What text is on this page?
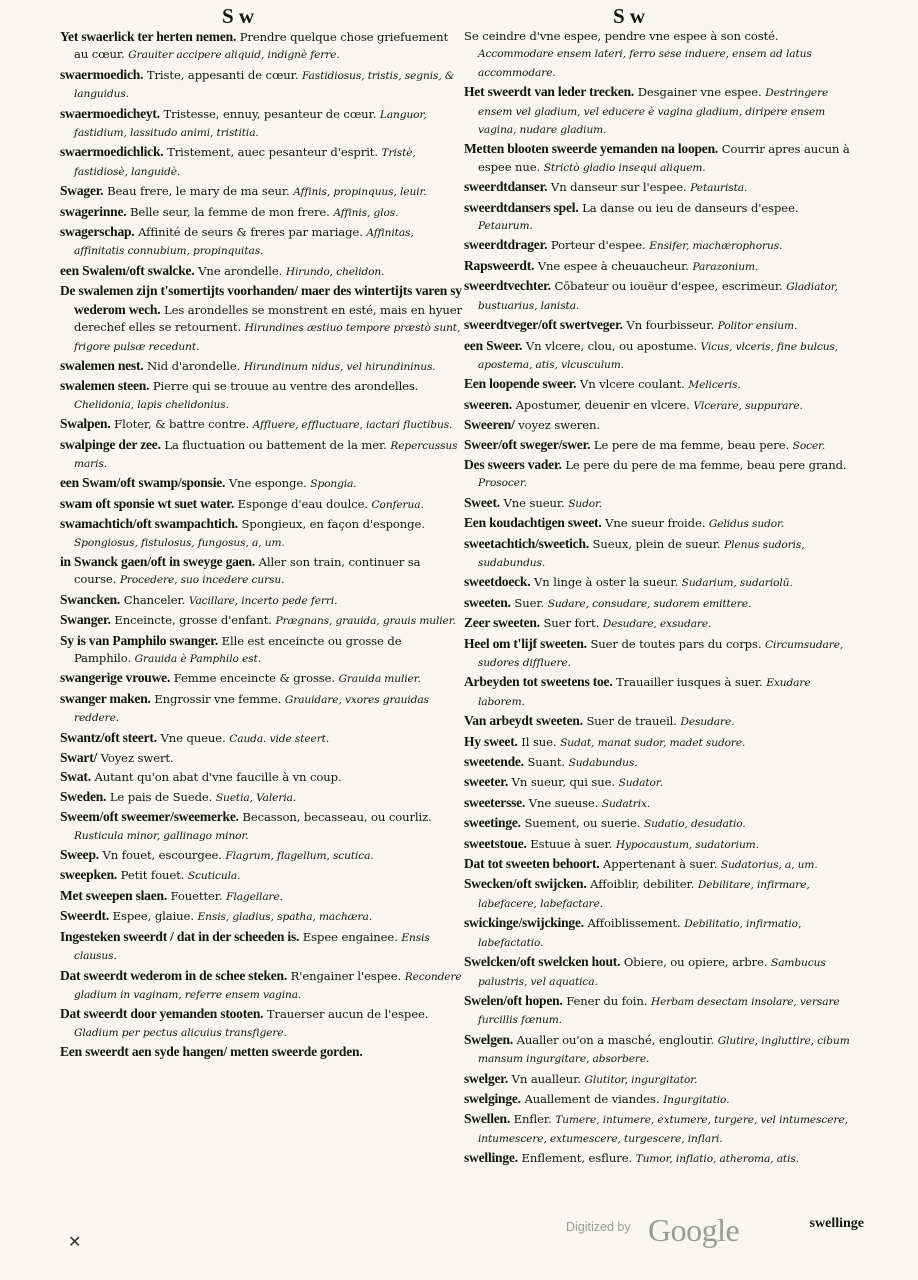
S w	S w
Yet swaerlick ter herten nemen. Prendre quelque chose griefuement au cœur. Grauiter accipere aliquid, indignè ferre.
swaermoedich. Triste, appesanti de cœur. Fastidiosus, tristis, segnis, & languidus.
swaermoedicheyt. Tristesse, ennuy, pesanteur de cœur. Languor, fastidium, lassitudo animi, tristitia.
swaermoedichlick. Tristement, auec pesanteur d'esprit. Tristè, fastidiosè, languidè.
Swager. Beau frere, le mary de ma seur. Affinis, propinquus, leuir.
swagerinne. Belle seur, la femme de mon frere. Affinis, glos.
swagerschap. Affinité de seurs & freres par mariage. Affinitas, affinitatis connubium, propinquitas.
een Swalem/oft swalcke. Vne arondelle. Hirundo, chelidon.
De swalemen zijn t'somertijts voorhanden/ maer des wintertijts varen sy wederom wech. Les arondelles se monstrent en esté, mais en hyuer derechef elles se retournent. Hirundines æstiuo tempore præstò sunt, frigore pulsæ recedunt.
swalemen nest. Nid d'arondelle. Hirundinum nidus, vel hirundininus.
swalemen steen. Pierre qui se trouue au ventre des arondelles. Chelidonia, lapis chelidonius.
Swalpen. Floter, & battre contre. Affluere, effluctuare, iactari fluctibus.
swalpinge der zee. La fluctuation ou battement de la mer. Repercussus maris.
een Swam/oft swamp/sponsie. Vne esponge. Spongia.
swam oft sponsie wt suet water. Esponge d'eau doulce. Conferua.
swamachtich/oft swampachtich. Spongieux, en façon d'esponge. Spongiosus, fistulosus, fungosus, a, um.
in Swanck gaen/oft in sweyge gaen. Aller son train, continuer sa course. Procedere, suo incedere cursu.
Swancken. Chanceler. Vacillare, incerto pede ferri.
Swanger. Enceincte, grosse d'enfant. Prægnans, grauida, grauis mulier.
Sy is van Pamphilo swanger. Elle est enceincte ou grosse de Pamphilo. Grauida è Pamphilo est.
swangerige vrouwe. Femme enceincte & grosse. Grauida mulier.
swanger maken. Engrossir vne femme. Grauidare, vxores grauidas reddere.
Swantz/oft steert. Vne queue. Cauda. vide steert.
Swart/ Voyez swert.
Swat. Autant qu'on abat d'vne faucille à vn coup.
Sweden. Le pais de Suede. Suetia, Valeria.
Sweem/oft sweemer/sweemerke. Becasson, becasseau, ou courliz. Rusticula minor, gallinago minor.
Sweep. Vn fouet, escourgee. Flagrum, flagellum, scutica.
sweepken. Petit fouet. Scuticula.
Met sweepen slaen. Fouetter. Flagellare.
Sweerdt. Espee, glaiue. Ensis, gladius, spatha, machæra.
Ingesteken sweerdt / dat in der scheeden is. Espee engainee. Ensis clausus.
Dat sweerdt wederom in de schee steken. R'engainer l'espee. Recondere gladium in vaginam, referre ensem vagina.
Dat sweerdt door yemanden stooten. Trauerser aucun de l'espee. Gladium per pectus alicuius transfigere.
Een sweerdt aen syde hangen/ metten sweerde gorden.
Se ceindre d'vne espee, pendre vne espee à son costé. Accommodare ensem lateri, ferro sese induere, ensem ad latus accommodare.
Het sweerdt van leder trecken. Desgainer vne espee. Destringere ensem vel gladium, vel educere è vagina gladium, diripere ensem vagina, nudare gladium.
Metten blooten sweerde yemanden na loopen. Courrir apres aucun à espee nue. Strictò gladio insequi aliquem.
sweerdtdanser. Vn danseur sur l'espee. Petaurista.
sweerdtdansers spel. La danse ou ieu de danseurs d'espee. Petaurum.
sweerdtdrager. Porteur d'espee. Ensifer, machærophorus.
Rapsweerdt. Vne espee à cheuaucheur. Parazonium.
sweerdtvechter. Cōbateur ou iouëur d'espee, escrimeur. Gladiator, bustuarius, lanista.
sweerdtveger/oft swertveger. Vn fourbisseur. Politor ensium.
een Sweer. Vn vlcere, clou, ou apostume. Vicus, vlceris, fine bulcus, apostema, atis, vlcusculum.
Een loopende sweer. Vn vlcere coulant. Meliceris.
sweeren. Apostumer, deuenir en vlcere. Vlcerare, suppurare.
Sweeren/ voyez sweren.
Sweer/oft sweger/swer. Le pere de ma femme, beau pere. Socer.
Des sweers vader. Le pere du pere de ma femme, beau pere grand. Prosocer.
Sweet. Vne sueur. Sudor.
Een koudachtigen sweet. Vne sueur froide. Gelidus sudor.
sweetachtich/sweetich. Sueux, plein de sueur. Plenus sudoris, sudabundus.
sweetdoeck. Vn linge à oster la sueur. Sudarium, sudariolū.
sweeten. Suer. Sudare, consudare, sudorem emittere.
Zeer sweeten. Suer fort. Desudare, exsudare.
Heel om t'lijf sweeten. Suer de toutes pars du corps. Circumsudare, sudores diffluere.
Arbeyden tot sweetens toe. Trauailler iusques à suer. Exudare laborem.
Van arbeydt sweeten. Suer de traueil. Desudare.
Hy sweet. Il sue. Sudat, manat sudor, madet sudore.
sweetende. Suant. Sudabundus.
sweeter. Vn sueur, qui sue. Sudator.
sweetersse. Vne sueuse. Sudatrix.
sweetinge. Suement, ou suerie. Sudatio, desudatio.
sweetstoue. Estuue à suer. Hypocaustum, sudatorium.
Dat tot sweeten behoort. Appertenant à suer. Sudatorius, a, um.
Swecken/oft swijcken. Affoiblir, debiliter. Debilitare, infirmare, labefacere, labefactare.
swickinge/swijckinge. Affoiblissement. Debilitatio, infirmatio, labefactatio.
Swelcken/oft swelcken hout. Obiere, ou opiere, arbre. Sambucus palustris, vel aquatica.
Swelen/oft hopen. Fener du foin. Herbam desectam insolare, versare furcillis fœnum.
Swelgen. Aualler ou'on a masché, engloutir. Glutire, ingluttire, cibum mansum ingurgitare, absorbere.
swelger. Vn aualleur. Glutitor, ingurgitator.
swelginge. Auallement de viandes. Ingurgitatio.
Swellen. Enfler. Tumere, intumere, extumere, turgere, vel intumescere, intumescere, extumescere, turgescere, inflari.
swellinge. Enflement, esflure. Tumor, inflatio, atheroma, atis.
✕
Digitized by Google	swellinge
